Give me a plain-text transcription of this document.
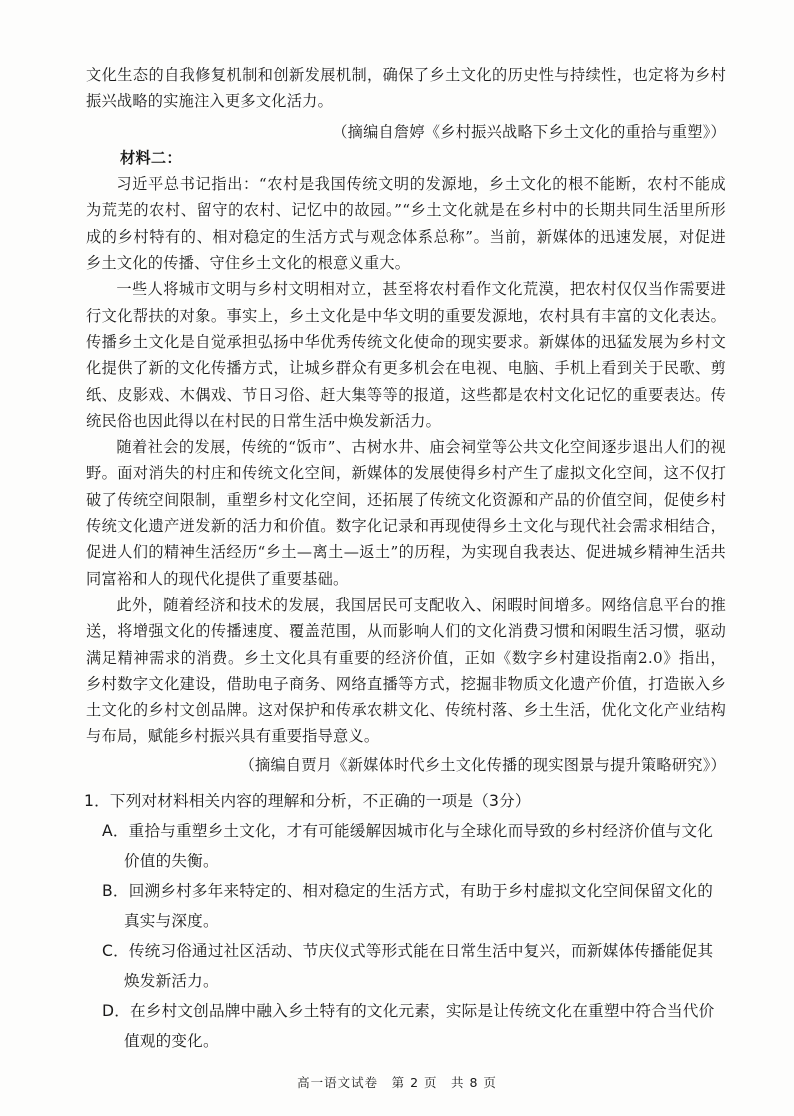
文化生态的自我修复机制和创新发展机制，确保了乡土文化的历史性与持续性，也定将为乡村振兴战略的实施注入更多文化活力。

（摘编自詹婷《乡村振兴战略下乡土文化的重拾与重塑》）

材料二：

习近平总书记指出：“农村是我国传统文明的发源地，乡土文化的根不能断，农村不能成为荒芜的农村、留守的农村、记忆中的故园。”“乡土文化就是在乡村中的长期共同生活里所形成的乡村特有的、相对稳定的生活方式与观念体系总称”。当前，新媒体的迅速发展，对促进乡土文化的传播、守住乡土文化的根意义重大。

一些人将城市文明与乡村文明相对立，甚至将农村看作文化荒漠，把农村仅仅当作需要进行文化帮扶的对象。事实上，乡土文化是中华文明的重要发源地，农村具有丰富的文化表达。传播乡土文化是自觉承担弘扬中华优秀传统文化使命的现实要求。新媒体的迅猛发展为乡村文化提供了新的文化传播方式，让城乡群众有更多机会在电视、电脑、手机上看到关于民歌、剪纸、皮影戏、木偶戏、节日习俗、赶大集等等的报道，这些都是农村文化记忆的重要表达。传统民俗也因此得以在村民的日常生活中焕发新活力。

随着社会的发展，传统的“饭市”、古树水井、庙会祠堂等公共文化空间逐步退出人们的视野。面对消失的村庄和传统文化空间，新媒体的发展使得乡村产生了虚拟文化空间，这不仅打破了传统空间限制，重塑乡村文化空间，还拓展了传统文化资源和产品的价值空间，促使乡村传统文化遗产迸发新的活力和价值。数字化记录和再现使得乡土文化与现代社会需求相结合，促进人们的精神生活经历“乡土—离土—返土”的历程，为实现自我表达、促进城乡精神生活共同富裕和人的现代化提供了重要基础。

此外，随着经济和技术的发展，我国居民可支配收入、闲暇时间增多。网络信息平台的推送，将增强文化的传播速度、覆盖范围，从而影响人们的文化消费习惯和闲暇生活习惯，驱动满足精神需求的消费。乡土文化具有重要的经济价值，正如《数字乡村建设指南2.0》指出，乡村数字文化建设，借助电子商务、网络直播等方式，挖掘非物质文化遗产价值，打造嵌入乡土文化的乡村文创品牌。这对保护和传承农耕文化、传统村落、乡土生活，优化文化产业结构与布局，赋能乡村振兴具有重要指导意义。

（摘编自贾月《新媒体时代乡土文化传播的现实图景与提升策略研究》）

1．下列对材料相关内容的理解和分析，不正确的一项是（3分）

A．重拾与重塑乡土文化，才有可能缓解因城市化与全球化而导致的乡村经济价值与文化价值的失衡。

B．回溯乡村多年来特定的、相对稳定的生活方式，有助于乡村虚拟文化空间保留文化的真实与深度。

C．传统习俗通过社区活动、节庆仪式等形式能在日常生活中复兴，而新媒体传播能促其焕发新活力。

D．在乡村文创品牌中融入乡土特有的文化元素，实际是让传统文化在重塑中符合当代价值观的变化。

高一语文试卷　第 2 页　共 8 页
